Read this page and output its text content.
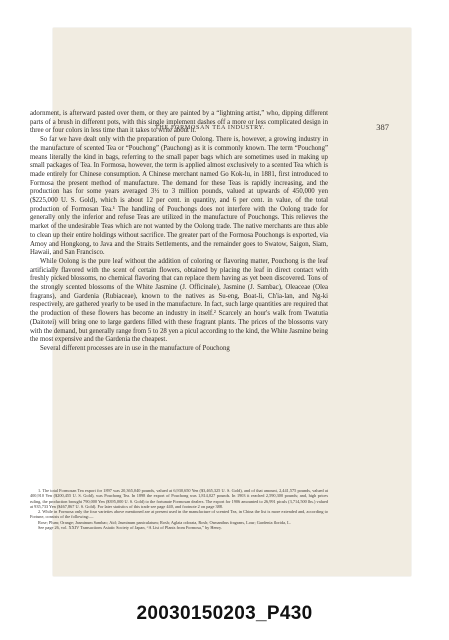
THE FORMOSAN TEA INDUSTRY.	387

adornment, is afterward pasted over them, or they are painted by a “lightning artist,” who, dipping different parts of a brush in different pots, with this single implement dashes off a more or less complicated design in three or four colors in less time than it takes to write about it.

So far we have dealt only with the preparation of pure Oolong. There is, however, a growing industry in the manufacture of scented Tea or “Pouchong” (Pauchong) as it is commonly known. The term “Pouchong” means literally the kind in bags, referring to the small paper bags which are sometimes used in making up small packages of Tea. In Formosa, however, the term is applied almost exclusively to a scented Tea which is made entirely for Chinese consumption. A Chinese merchant named Go Kok-lu, in 1881, first introduced to Formosa the present method of manufacture. The demand for these Teas is rapidly increasing, and the production has for some years averaged 3½ to 3 million pounds, valued at upwards of 450,000 yen ($225,000 U. S. Gold), which is about 12 per cent. in quantity, and 6 per cent. in value, of the total production of Formosan Tea.¹ The handling of Pouchongs does not interfere with the Oolong trade for generally only the inferior and refuse Teas are utilized in the manufacture of Pouchongs. This relieves the market of the undesirable Teas which are not wanted by the Oolong trade. The native merchants are thus able to clean up their entire holdings without sacrifice. The greater part of the Formosa Pouchongs is exported, via Amoy and Hongkong, to Java and the Straits Settlements, and the remainder goes to Swatow, Saigon, Siam, Hawaii, and San Francisco.

While Oolong is the pure leaf without the addition of coloring or flavoring matter, Pouchong is the leaf artificially flavored with the scent of certain flowers, obtained by placing the leaf in direct contact with freshly picked blossoms, no chemical flavoring that can replace them having as yet been discovered. Tons of the strongly scented blossoms of the White Jasmine (J. Officinale), Jasmine (J. Sambac), Oleaceae (Olea fragrans), and Gardenia (Rubiaceae), known to the natives as Su-eng, Boat-li, Ch'ia-lan, and Ng-ki respectively, are gathered yearly to be used in the manufacture. In fact, such large quantities are required that the production of these flowers has become an industry in itself.² Scarcely an hour's walk from Twatutia (Daitotei) will bring one to large gardens filled with these fragrant plants. The prices of the blossoms vary with the demand, but generally range from 5 to 28 yen a picul according to the kind, the White Jasmine being the most expensive and the Gardenia the cheapest.

Several different processes are in use in the manufacture of Pouchong

1. The total Formosan Tea export for 1897 was 20,365,040 pounds, valued at 6,930,650 Yen ($3,465,325 U. S. Gold), and of that amount, 2,441,575 pounds, valued at 400,910 Yen ($200,455 U. S. Gold), was Pouchong Tea. In 1898 the export of Pouchong was 1,814,027 pounds. In 1903 it reached 2,590,300 pounds; and, high prices ruling, the production brought 790,000 Yen ($395,000 U. S. Gold) to the fortunate Formosan dealers. The export for 1906 amounted to 26,991 piculs (3,714,500 lbs.) valued at 935,733 Yen ($467,867 U. S. Gold). For later statistics of this trade see page 440, and footnote 2 on page 388.

2. While in Formosa only the four varieties above mentioned are at present used in the manufacture of scented Tea, in China the list is more extended and, according to Fortune, consists of the following:—

Rose; Plum; Orange; Jasminum Sambac; Aid; Jasminum paniculatum; Rosh; Aglaia odorata, Rosh; Osmanthus fragrans, Lour; Gardenia florida, L.

See page 26, vol. XXIV Transactions Asiatic Society of Japan, “A List of Plants from Formosa,” by Henry.

20030150203_P430
